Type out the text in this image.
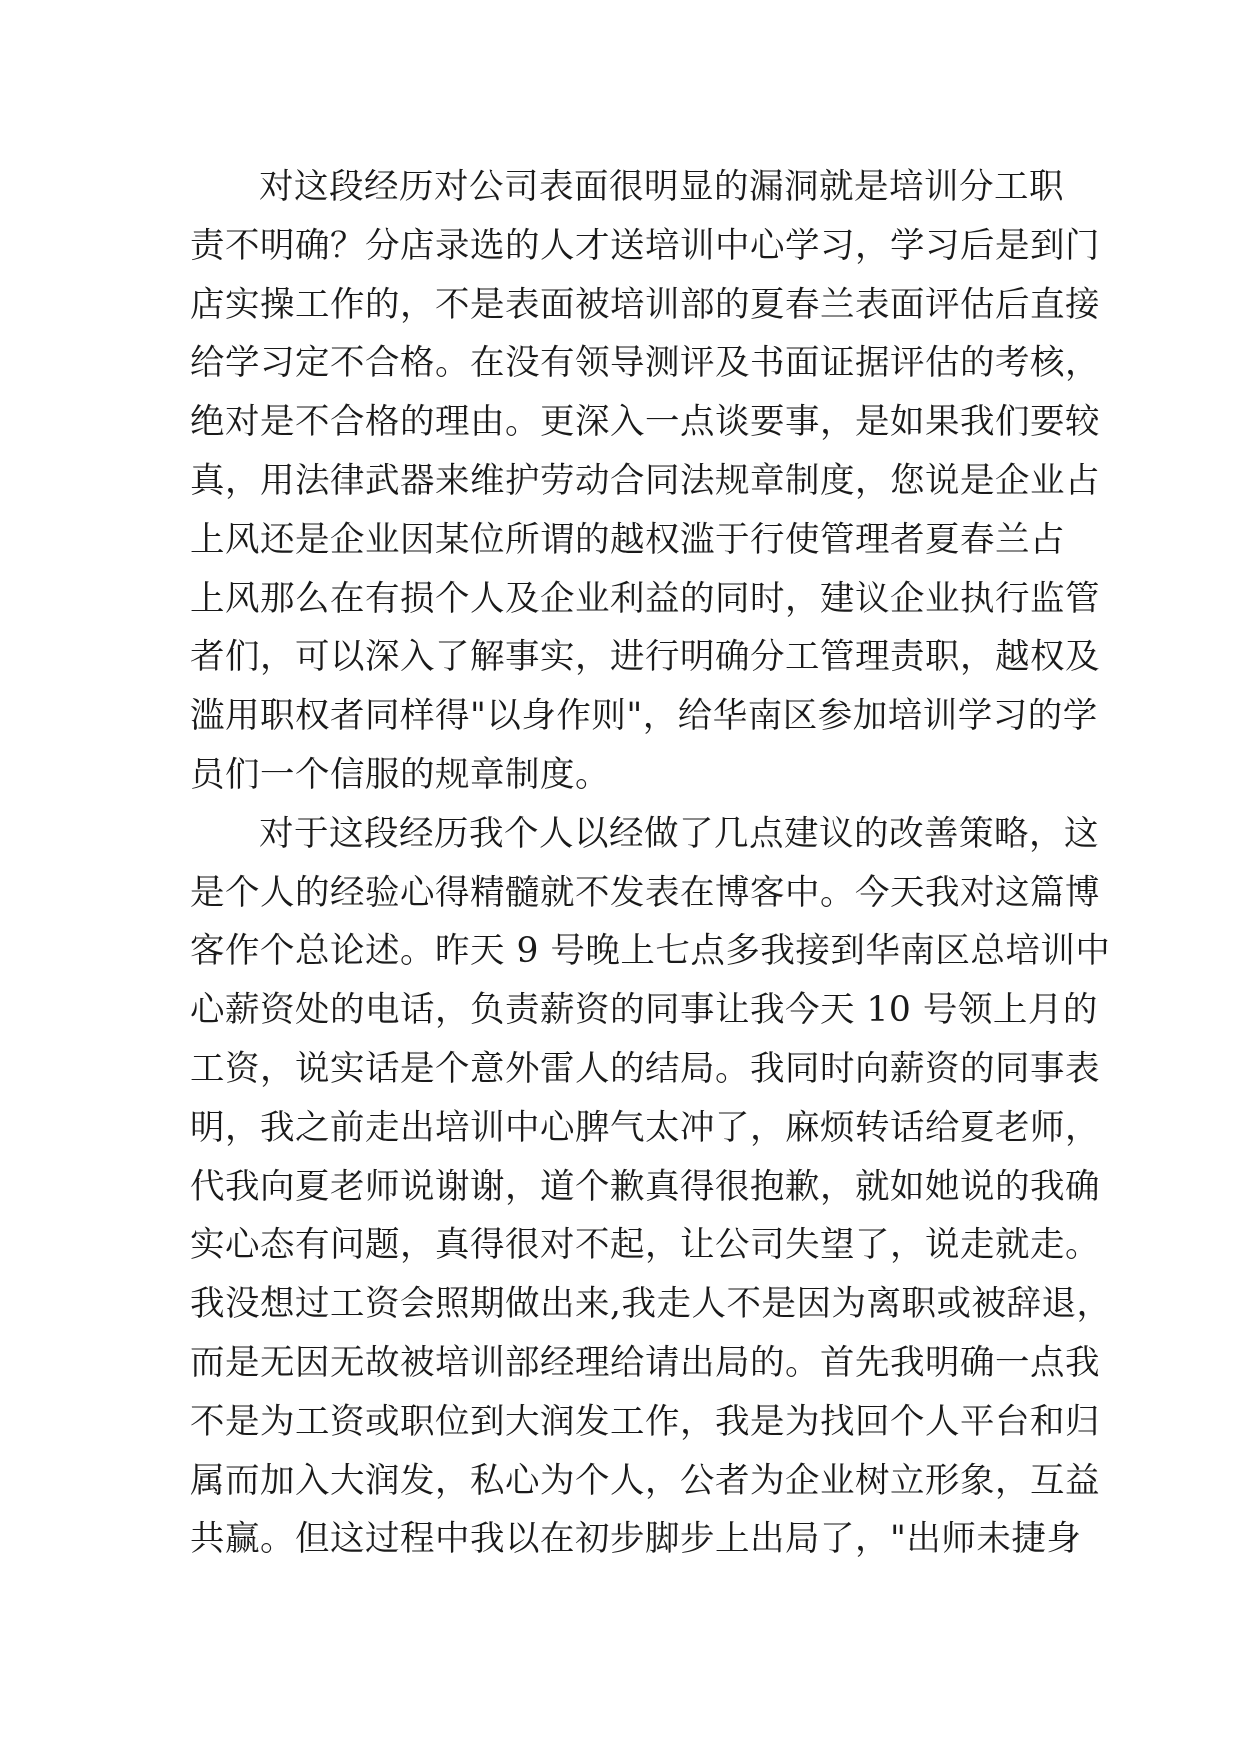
对这段经历对公司表面很明显的漏洞就是培训分工职
责不明确？分店录选的人才送培训中心学习，学习后是到门
店实操工作的，不是表面被培训部的夏春兰表面评估后直接
给学习定不合格。在没有领导测评及书面证据评估的考核，
绝对是不合格的理由。更深入一点谈要事，是如果我们要较
真，用法律武器来维护劳动合同法规章制度，您说是企业占
上风还是企业因某位所谓的越权滥于行使管理者夏春兰占
上风那么在有损个人及企业利益的同时，建议企业执行监管
者们，可以深入了解事实，进行明确分工管理责职，越权及
滥用职权者同样得"以身作则"，给华南区参加培训学习的学
员们一个信服的规章制度。
对于这段经历我个人以经做了几点建议的改善策略，这
是个人的经验心得精髓就不发表在博客中。今天我对这篇博
客作个总论述。昨天 9 号晚上七点多我接到华南区总培训中
心薪资处的电话，负责薪资的同事让我今天 10 号领上月的
工资，说实话是个意外雷人的结局。我同时向薪资的同事表
明，我之前走出培训中心脾气太冲了，麻烦转话给夏老师，
代我向夏老师说谢谢，道个歉真得很抱歉，就如她说的我确
实心态有问题，真得很对不起，让公司失望了，说走就走。
我没想过工资会照期做出来,我走人不是因为离职或被辞退，
而是无因无故被培训部经理给请出局的。首先我明确一点我
不是为工资或职位到大润发工作，我是为找回个人平台和归
属而加入大润发，私心为个人，公者为企业树立形象，互益
共赢。但这过程中我以在初步脚步上出局了，"出师未捷身
